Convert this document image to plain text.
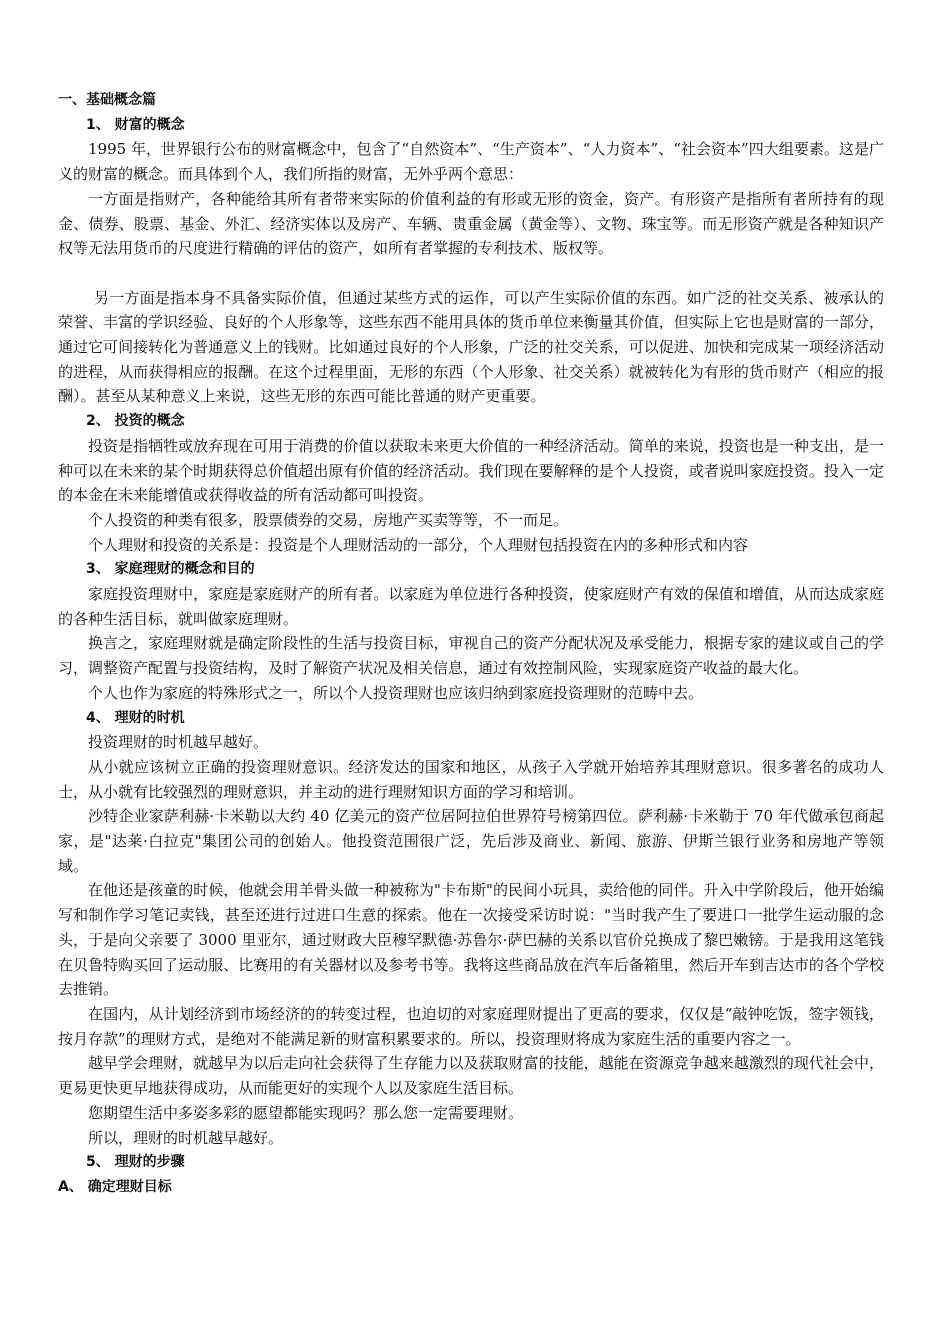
一、基础概念篇

1、 财富的概念

1995 年，世界银行公布的财富概念中，包含了“自然资本”、“生产资本”、“人力资本”、“社会资本”四大组要素。这是广义的财富的概念。而具体到个人，我们所指的财富，无外乎两个意思：

一方面是指财产，各种能给其所有者带来实际的价值利益的有形或无形的资金，资产。有形资产是指所有者所持有的现金、债券、股票、基金、外汇、经济实体以及房产、车辆、贵重金属（黄金等）、文物、珠宝等。而无形资产就是各种知识产权等无法用货币的尺度进行精确的评估的资产，如所有者掌握的专利技术、版权等。

另一方面是指本身不具备实际价值，但通过某些方式的运作，可以产生实际价值的东西。如广泛的社交关系、被承认的荣誉、丰富的学识经验、良好的个人形象等，这些东西不能用具体的货币单位来衡量其价值，但实际上它也是财富的一部分，通过它可间接转化为普通意义上的钱财。比如通过良好的个人形象，广泛的社交关系，可以促进、加快和完成某一项经济活动的进程，从而获得相应的报酬。在这个过程里面，无形的东西（个人形象、社交关系）就被转化为有形的货币财产（相应的报酬）。甚至从某种意义上来说，这些无形的东西可能比普通的财产更重要。

2、 投资的概念

投资是指牺牲或放弃现在可用于消费的价值以获取未来更大价值的一种经济活动。简单的来说，投资也是一种支出，是一种可以在未来的某个时期获得总价值超出原有价值的经济活动。我们现在要解释的是个人投资，或者说叫家庭投资。投入一定的本金在未来能增值或获得收益的所有活动都可叫投资。

个人投资的种类有很多，股票债券的交易，房地产买卖等等，不一而足。

个人理财和投资的关系是：投资是个人理财活动的一部分，个人理财包括投资在内的多种形式和内容

3、 家庭理财的概念和目的

家庭投资理财中，家庭是家庭财产的所有者。以家庭为单位进行各种投资，使家庭财产有效的保值和增值，从而达成家庭的各种生活目标，就叫做家庭理财。

换言之，家庭理财就是确定阶段性的生活与投资目标，审视自己的资产分配状况及承受能力，根据专家的建议或自己的学习，调整资产配置与投资结构，及时了解资产状况及相关信息，通过有效控制风险，实现家庭资产收益的最大化。

个人也作为家庭的特殊形式之一，所以个人投资理财也应该归纳到家庭投资理财的范畴中去。

4、 理财的时机

投资理财的时机越早越好。

从小就应该树立正确的投资理财意识。经济发达的国家和地区，从孩子入学就开始培养其理财意识。很多著名的成功人士，从小就有比较强烈的理财意识，并主动的进行理财知识方面的学习和培训。

沙特企业家萨利赫·卡米勒以大约 40 亿美元的资产位居阿拉伯世界符号榜第四位。萨利赫·卡米勒于 70 年代做承包商起家，是"达莱·白拉克"集团公司的创始人。他投资范围很广泛，先后涉及商业、新闻、旅游、伊斯兰银行业务和房地产等领域。

在他还是孩童的时候，他就会用羊骨头做一种被称为"卡布斯"的民间小玩具，卖给他的同伴。升入中学阶段后，他开始编写和制作学习笔记卖钱，甚至还进行过进口生意的探索。他在一次接受采访时说："当时我产生了要进口一批学生运动服的念头，于是向父亲要了 3000 里亚尔，通过财政大臣穆罕默德·苏鲁尔·萨巴赫的关系以官价兑换成了黎巴嫩镑。于是我用这笔钱在贝鲁特购买回了运动服、比赛用的有关器材以及参考书等。我将这些商品放在汽车后备箱里，然后开车到吉达市的各个学校去推销。

在国内，从计划经济到市场经济的的转变过程，也迫切的对家庭理财提出了更高的要求，仅仅是“敲钟吃饭，签字领钱，按月存款”的理财方式，是绝对不能满足新的财富积累要求的。所以，投资理财将成为家庭生活的重要内容之一。

越早学会理财，就越早为以后走向社会获得了生存能力以及获取财富的技能，越能在资源竞争越来越激烈的现代社会中，更易更快更早地获得成功，从而能更好的实现个人以及家庭生活目标。

您期望生活中多姿多彩的愿望都能实现吗？那么您一定需要理财。

所以，理财的时机越早越好。

5、 理财的步骤

A、 确定理财目标
